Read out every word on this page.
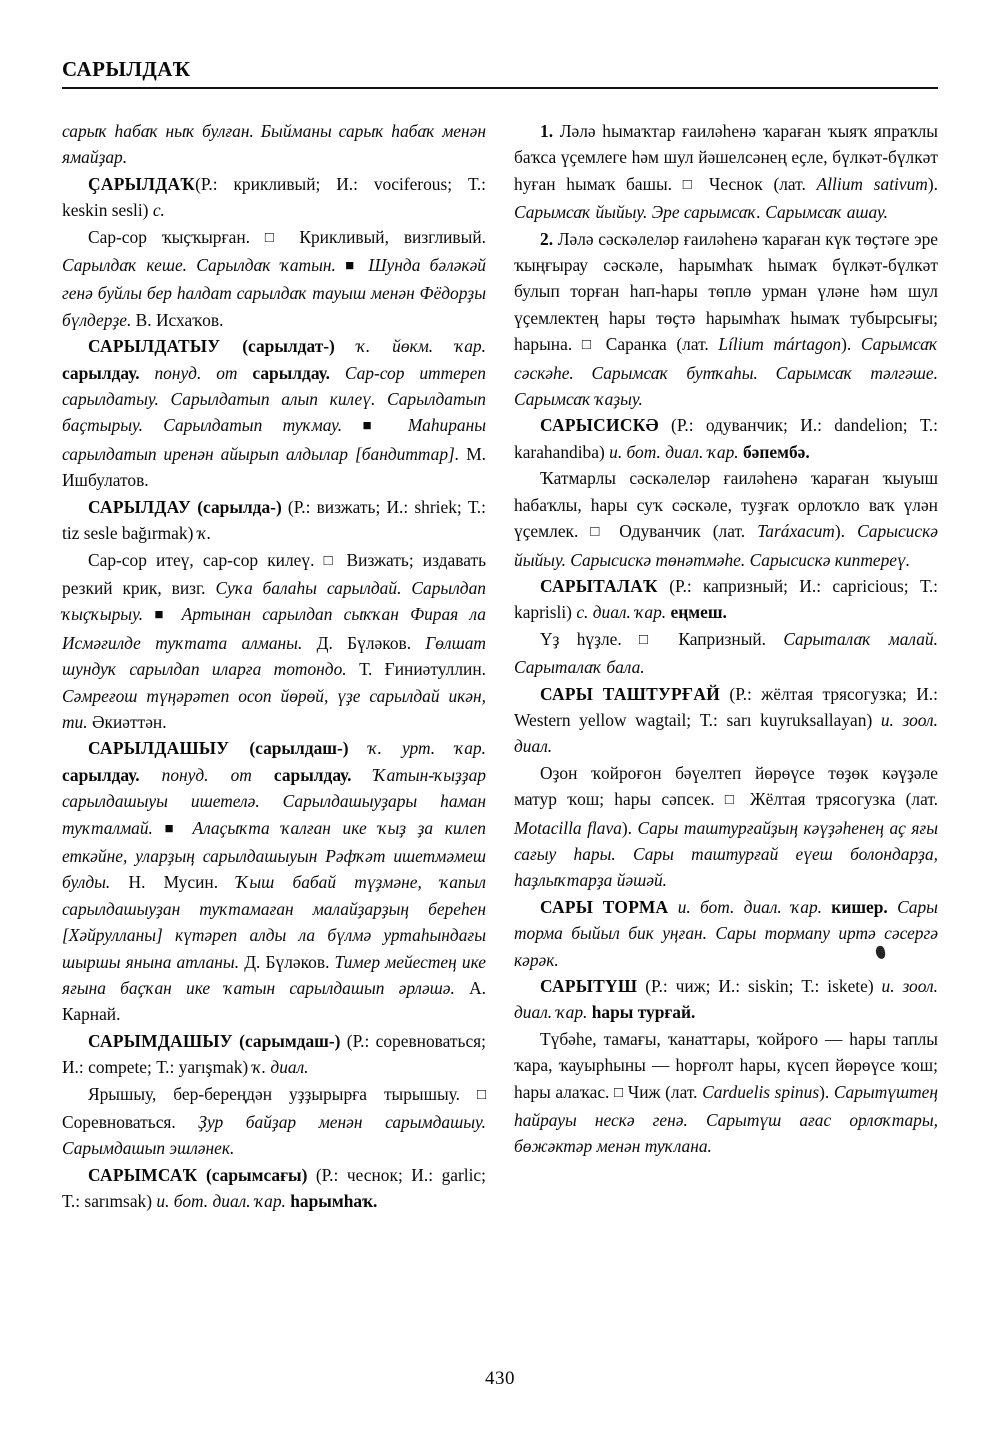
САРЫЛДАҠ

сарыҡ һабаҡ ныҡ булған. Быйманы сарыҡ һабаҡ менән ямайҙар.

ҪАРЫЛДАҠ(Р.: крикливый; И.: vociferous; Т.: keskin sesli) с.

Сар-сор ҡыҫҡырған. □ Крикливый, визгливый. Сарылдаҡ кеше. Сарылдаҡ ҡатын. ■ Шунда бәләкәй генә буйлы бер һалдат сарылдаҡ тауыш менән Фёдорҙы бүлдерҙе. В. Исхаҡов.

САРЫЛДАТЫУ (сарылдат-) ҡ. йөкм. ҡар. сарылдау. понуд. от сарылдау. Сар-сор иттереп сарылдатыу. Сарылдатып алып килеү. Сарылдатып баҫтырыу. Сарылдатып туҡмау. ■ Маһираны сарылдатып иренән айырып алдылар [бандиттар]. М. Ишбулатов.

САРЫЛДАУ (сарылда-) (Р.: визжать; И.: shriek; Т.: tiz sesle bağırmak) ҡ.

Сар-сор итеү, сар-сор килеү. □ Визжать; издавать резкий крик, визг. Суҡа балаһы сарылдай. Сарылдап ҡыҫҡырыу. ■ Артынан сарылдап сыҡҡан Фирая ла Исмәғилде туҡтата алманы. Д. Бүләков. Гөлшат шундуҡ сарылдап иларға тотондо. Т. Ғиниәтуллин. Сәмреғош түңәрәтеп осоп йөрөй, үҙе сарылдай икән, ти. Әкиәттән.

САРЫЛДАШЫУ (сарылдаш-) ҡ. урт. ҡар. сарылдау. понуд. от сарылдау. Ҡатын-ҡыҙҙар сарылдашыуы ишетелә. Сарылдашыуҙары һаман туҡталмай. ■ Алаҫыҡта ҡалған ике ҡыҙ ҙа килеп еткәйне, уларҙың сарылдашыуын Рәфҡәт ишетмәмеш булды. Н. Мусин. Ҡыш бабай түҙмәне, ҡапыл сарылдашыуҙан туҡтамаған малайҙарҙың береһен [Хәйрулланы] күтәреп алды ла бүлмә уртаһындағы шыршы янына атланы. Д. Бүләков. Тимер мейестең ике яғына баҫҡан ике ҡатын сарылдашып әрләшә. А. Карнай.

САРЫМДАШЫУ (сарымдаш-) (Р.: соревноваться; И.: compete; Т.: yarışmak) ҡ. диал.

Ярышыу, бер-береңдән уҙҙырырға тырышыу. □ Соревноваться. Ҙур байҙар менән сарымдашыу. Сарымдашып эшләнек.

САРЫМСАҠ (сарымсағы) (Р.: чеснок; И.: garlic; Т.: sarımsak) и. бот. диал. ҡар. һарымһаҡ.

1. Ләлә һымаҡтар ғаиләһенә ҡараған ҡыяҡ япраҡлы баҡса үҫемлеге һәм шул йәшелсәнең еҫле, бүлкәт-бүлкәт һуған һымаҡ башы. □ Чеснок (лат. Allium sativum). Сарымсаҡ йыйыу. Эре сарымсаҡ. Сарымсаҡ ашау.

2. Ләлә сәскәлеләр ғаиләһенә ҡараған күк төҫтәге эре ҡыңғырау сәскәле, һарымһаҡ һымаҡ бүлкәт-бүлкәт булып торған һап-һары төплө урман үләне һәм шул үҫемлектең һары төҫтә һарымһаҡ һымаҡ тубырсығы; һарына. □ Саранка (лат. Lílium mártagon). Сарымсаҡ сәскәһе. Сарымсаҡ бутҡаһы. Сарымсаҡ тәлгәше. Сарымсаҡ ҡаҙыу.

САРЫСИСКӘ (Р.: одуванчик; И.: dandelion; Т.: karahandiba) и. бот. диал. ҡар. бәпембә.

Ҡатмарлы сәскәлеләр ғаиләһенә ҡараған ҡыуыш һабаҡлы, һары суҡ сәскәле, туҙғаҡ орлоҡло ваҡ үлән үҫемлек. □ Одуванчик (лат. Taráxacum). Сарысискә йыйыу. Сарысискә төнәтмәһе. Сарысискә киптереү.

САРЫТАЛАҠ (Р.: капризный; И.: capricious; Т.: kaprisli) с. диал. ҡар. еңмеш.

Үҙ һүҙле. □ Капризный. Сарыталаҡ малай. Сарыталаҡ бала.

САРЫ ТАШТУРҒАЙ (Р.: жёлтая трясогузка; И.: Western yellow wagtail; Т.: sarı kuyruksallayan) и. зоол. диал.

Оҙон ҡойроғон бәүелтеп йөрөүсе төҙөк кәүҙәле матур ҡош; һары сәпсек. □ Жёлтая трясогузка (лат. Motacilla flava). Сары таштурғайҙың кәүҙәһенең аҫ яғы сағыу һары. Сары таштурғай еүеш болондарҙа, һаҙлыҡтарҙа йәшәй.

САРЫ ТОРМА и. бот. диал. ҡар. кишер. Сары торма быйыл бик уңған. Сары тормany иртә сәсергә кәрәк.

САРЫТҮШ (Р.: чиж; И.: siskin; Т.: iskete) и. зоол. диал. ҡар. һары турғай.

Түбәһе, тамағы, ҡанаттары, ҡойроғо — һары таплы ҡара, ҡауырһыны — һорғолт һары, күсеп йөрөүсе ҡош; һары алаҡас. □ Чиж (лат. Carduelis spinus). Сарытүштең һайрауы нескә генә. Сарытүш ағас орлоҡтары, бөжәктәр менән туҡлана.

430
